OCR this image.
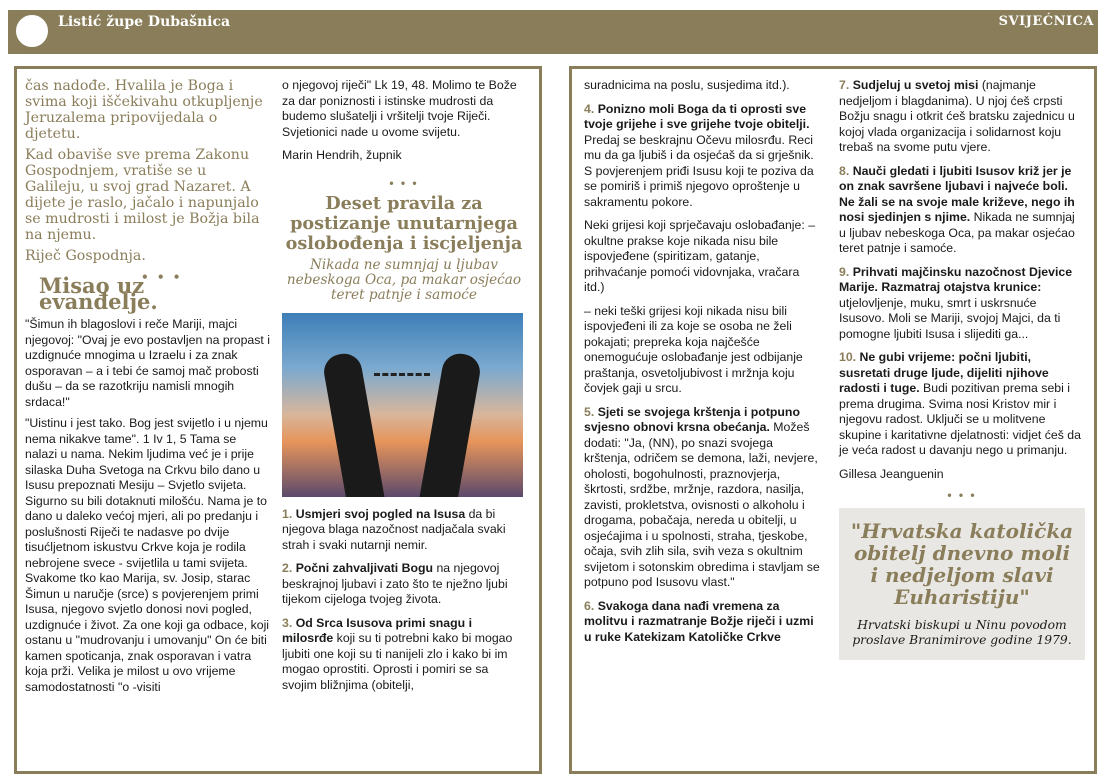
Listić župe Dubašnica	SVIJEĆNICA

čas nadođe. Hvalila je Boga i svima koji iščekivahu otkupljenje Jeruzalema pripovijedala o djetetu.

Kad obaviše sve prema Zakonu Gospodnjem, vratiše se u Galileju, u svoj grad Nazaret. A dijete je raslo, jačalo i napunjalo se mudrosti i milost je Božja bila na njemu.

Riječ Gospodnja.

• • •
Misao uz evanđelje.

"Šimun ih blagoslovi i reče Mariji, majci njegovoj: "Ovaj je evo postavljen na propast i uzdignuće mnogima u Izraelu i za znak osporavan – a i tebi će samoj mač probosti dušu – da se razotkriju namisli mnogih srdaca!"

"Uistinu i jest tako. Bog jest svijetlo i u njemu nema nikakve tame". 1 Iv 1, 5 Tama se nalazi u nama. Nekim ljudima već je i prije silaska Duha Svetoga na Crkvu bilo dano u Isusu prepoznati Mesiju – Svjetlo svijeta. Sigurno su bili dotaknuti milošću. Nama je to dano u daleko većoj mjeri, ali po predanju i poslušnosti Riječi te nadasve po dvije tisućljetnom iskustvu Crkve koja je rodila nebrojene svece - svijetlila u tami svijeta. Svakome tko kao Marija, sv. Josip, starac Šimun u naručje (srce) s povjerenjem primi Isusa, njegovo svjetlo donosi novi pogled, uzdignuće i život. Za one koji ga odbace, koji ostanu u "mudrovanju i umovanju" On će biti kamen spoticanja, znak osporavan i vatra koja prži. Velika je milost u ovo vrijeme samodostatnosti "o -visiti

o njegovoj riječi" Lk 19, 48. Molimo te Bože za dar poniznosti i istinske mudrosti da budemo slušatelji i vršitelji tvoje Riječi. Svjetionici nade u ovome svijetu.

Marin Hendrih, župnik

• • •
Deset pravila za postizanje unutarnjega oslobođenja i iscjeljenja
Nikada ne sumnjaj u ljubav nebeskoga Oca, pa makar osjećao teret patnje i samoće

1. Usmjeri svoj pogled na Isusa da bi njegova blaga nazočnost nadjačala svaki strah i svaki nutarnji nemir.

2. Počni zahvaljivati Bogu na njegovoj beskrajnoj ljubavi i zato što te nježno ljubi tijekom cijeloga tvojeg života.

3. Od Srca Isusova primi snagu i milosrđe koji su ti potrebni kako bi mogao ljubiti one koji su ti nanijeli zlo i kako bi im mogao oprostiti. Oprosti i pomiri se sa svojim bližnjima (obitelji,

suradnicima na poslu, susjedima itd.).

4. Ponizno moli Boga da ti oprosti sve tvoje grijehe i sve grijehe tvoje obitelji. Predaj se beskrajnu Očevu milosrđu. Reci mu da ga ljubiš i da osjećaš da si grješnik. S povjerenjem priđi Isusu koji te poziva da se pomiriš i primiš njegovo oproštenje u sakramentu pokore.

Neki grijesi koji sprječavaju oslobađanje: – okultne prakse koje nikada nisu bile ispovjeđene (spiritizam, gatanje, prihvaćanje pomoći vidovnjaka, vračara itd.)

– neki teški grijesi koji nikada nisu bili ispovjeđeni ili za koje se osoba ne želi pokajati; prepreka koja najčešće onemogućuje oslobađanje jest odbijanje praštanja, osvetoljubivost i mržnja koju čovjek gaji u srcu.

5. Sjeti se svojega krštenja i potpuno svjesno obnovi krsna obećanja. Možeš dodati: "Ja, (NN), po snazi svojega krštenja, odričem se demona, laži, nevjere, oholosti, bogohulnosti, praznovjerja, škrtosti, srdžbe, mržnje, razdora, nasilja, zavisti, prokletstva, ovisnosti o alkoholu i drogama, pobačaja, nereda u obitelji, u osjećajima i u spolnosti, straha, tjeskobe, očaja, svih zlih sila, svih veza s okultnim svijetom i sotonskim obredima i stavljam se potpuno pod Isusovu vlast."

6. Svakoga dana nađi vremena za molitvu i razmatranje Božje riječi i uzmi u ruke Katekizam Katoličke Crkve

7. Sudjeluj u svetoj misi (najmanje nedjeljom i blagdanima). U njoj ćeš crpsti Božju snagu i otkrit ćeš bratsku zajednicu u kojoj vlada organizacija i solidarnost koju trebaš na svome putu vjere.

8. Nauči gledati i ljubiti Isusov križ jer je on znak savršene ljubavi i najveće boli. Ne žali se na svoje male križeve, nego ih nosi sjedinjen s njime. Nikada ne sumnjaj u ljubav nebeskoga Oca, pa makar osjećao teret patnje i samoće.

9. Prihvati majčinsku nazočnost Djevice Marije. Razmatraj otajstva krunice: utjelovljenje, muku, smrt i uskrsnuće Isusovo. Moli se Mariji, svojoj Majci, da ti pomogne ljubiti Isusa i slijediti ga...

10. Ne gubi vrijeme: počni ljubiti, susretati druge ljude, dijeliti njihove radosti i tuge. Budi pozitivan prema sebi i prema drugima. Svima nosi Kristov mir i njegovu radost. Uključi se u molitvene skupine i karitativne djelatnosti: vidjet ćeš da je veća radost u davanju nego u primanju.

Gillesa Jeanguenin

• • •
"Hrvatska katolička obitelj dnevno moli i nedjeljom slavi Euharistiju"
Hrvatski biskupi u Ninu povodom proslave Branimirove godine 1979.
